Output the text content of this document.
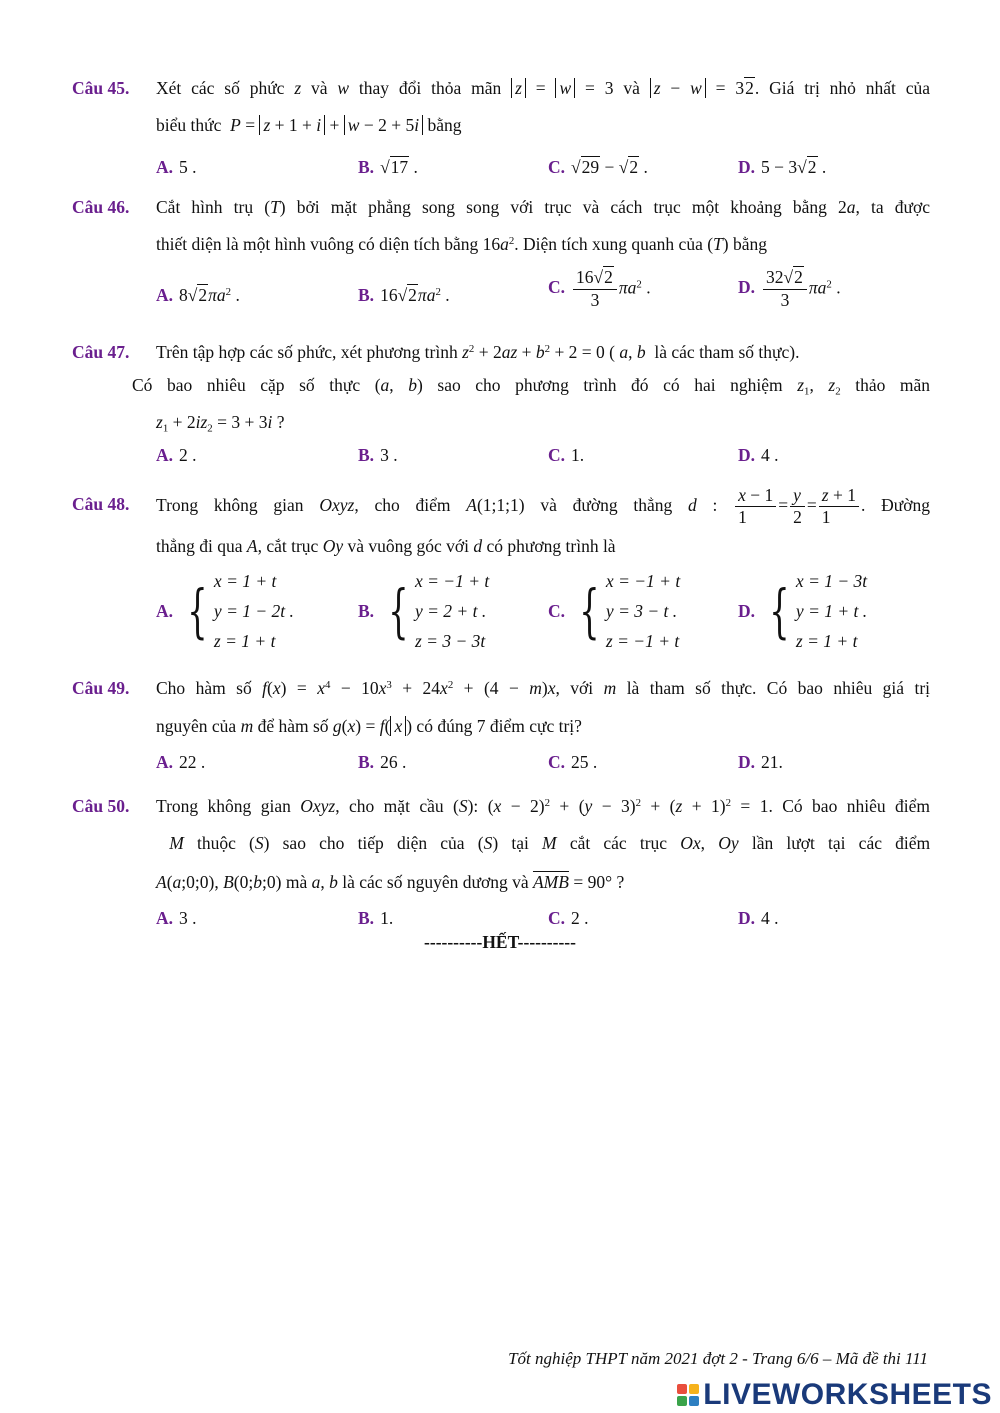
Câu 45. Xét các số phức z và w thay đổi thỏa mãn z = w = 3 và z − w = 32. Giá trị nhỏ nhất của
biểu thức P = z + 1 + i + w − 2 + 5i bằng
A. 5 .	B. √17 .	C. √29 − √2 .	D. 5 − 3√2 .
Câu 46. Cắt hình trụ (T) bởi mặt phẳng song song với trục và cách trục một khoảng bằng 2a, ta được
thiết diện là một hình vuông có diện tích bằng $16a^2$. Diện tích xung quanh của (T) bằng
A. $8√2\pi a^2$ .	B. $16√2\pi a^2$ .	C. $\frac{16√2}{3} \pi a^2$ .	D. $\frac{32√2}{3} \pi a^2$ .
Câu 47. Trên tập hợp các số phức, xét phương trình $z^2 + 2az + b^2 + 2 = 0$ ( a, b là các tham số thực).
Có bao nhiêu cặp số thực (a, b) sao cho phương trình đó có hai nghiệm $z_1$, $z_2$ thảo mãn
$z_1 + 2iz_2 = 3 + 3i$ ?
A. 2 .	B. 3 .	C. 1.	D. 4 .
Câu 48. Trong không gian Oxyz, cho điểm A(1;1;1) và đường thẳng d : $\frac{x - 1}{1} = \frac{y}{2} = \frac{z + 1}{1}$ . Đường
thẳng đi qua A, cắt trục Oy và vuông góc với d có phương trình là
A. { x = 1 + t
y = 1 − 2t .
z = 1 + t
B. { x = −1 + t
y = 2 + t .
z = 3 − 3t
C. { x = −1 + t
y = 3 − t .
z = −1 + t
D. { x = 1 − 3t
y = 1 + t .
z = 1 + t
Câu 49. Cho hàm số $f(x) = x^4 - 10x^3 + 24x^2 + (4 - m)x$, với m là tham số thực. Có bao nhiêu giá trị
nguyên của m để hàm số g(x) = f( x ) có đúng 7 điểm cực trị?
A. 22 .	B. 26 .	C. 25 .	D. 21.
Câu 50. Trong không gian Oxyz, cho mặt cầu (S): $(x - 2)^2 + (y - 3)^2 + (z + 1)^2 = 1$. Có bao nhiêu điểm
M thuộc (S) sao cho tiếp diện của (S) tại M cắt các trục Ox, Oy lần lượt tại các điểm
A(a;0;0), B(0;b;0) mà a, b là các số nguyên dương và $\overline{AMB} = 90^\circ$ ?
A. 3 .	B. 1.	C. 2 .	D. 4 .
----------HẾT----------
Tốt nghiệp THPT năm 2021 đợt 2 - Trang 6/6 – Mã đề thi 111
LIVEWORKSHEETS
